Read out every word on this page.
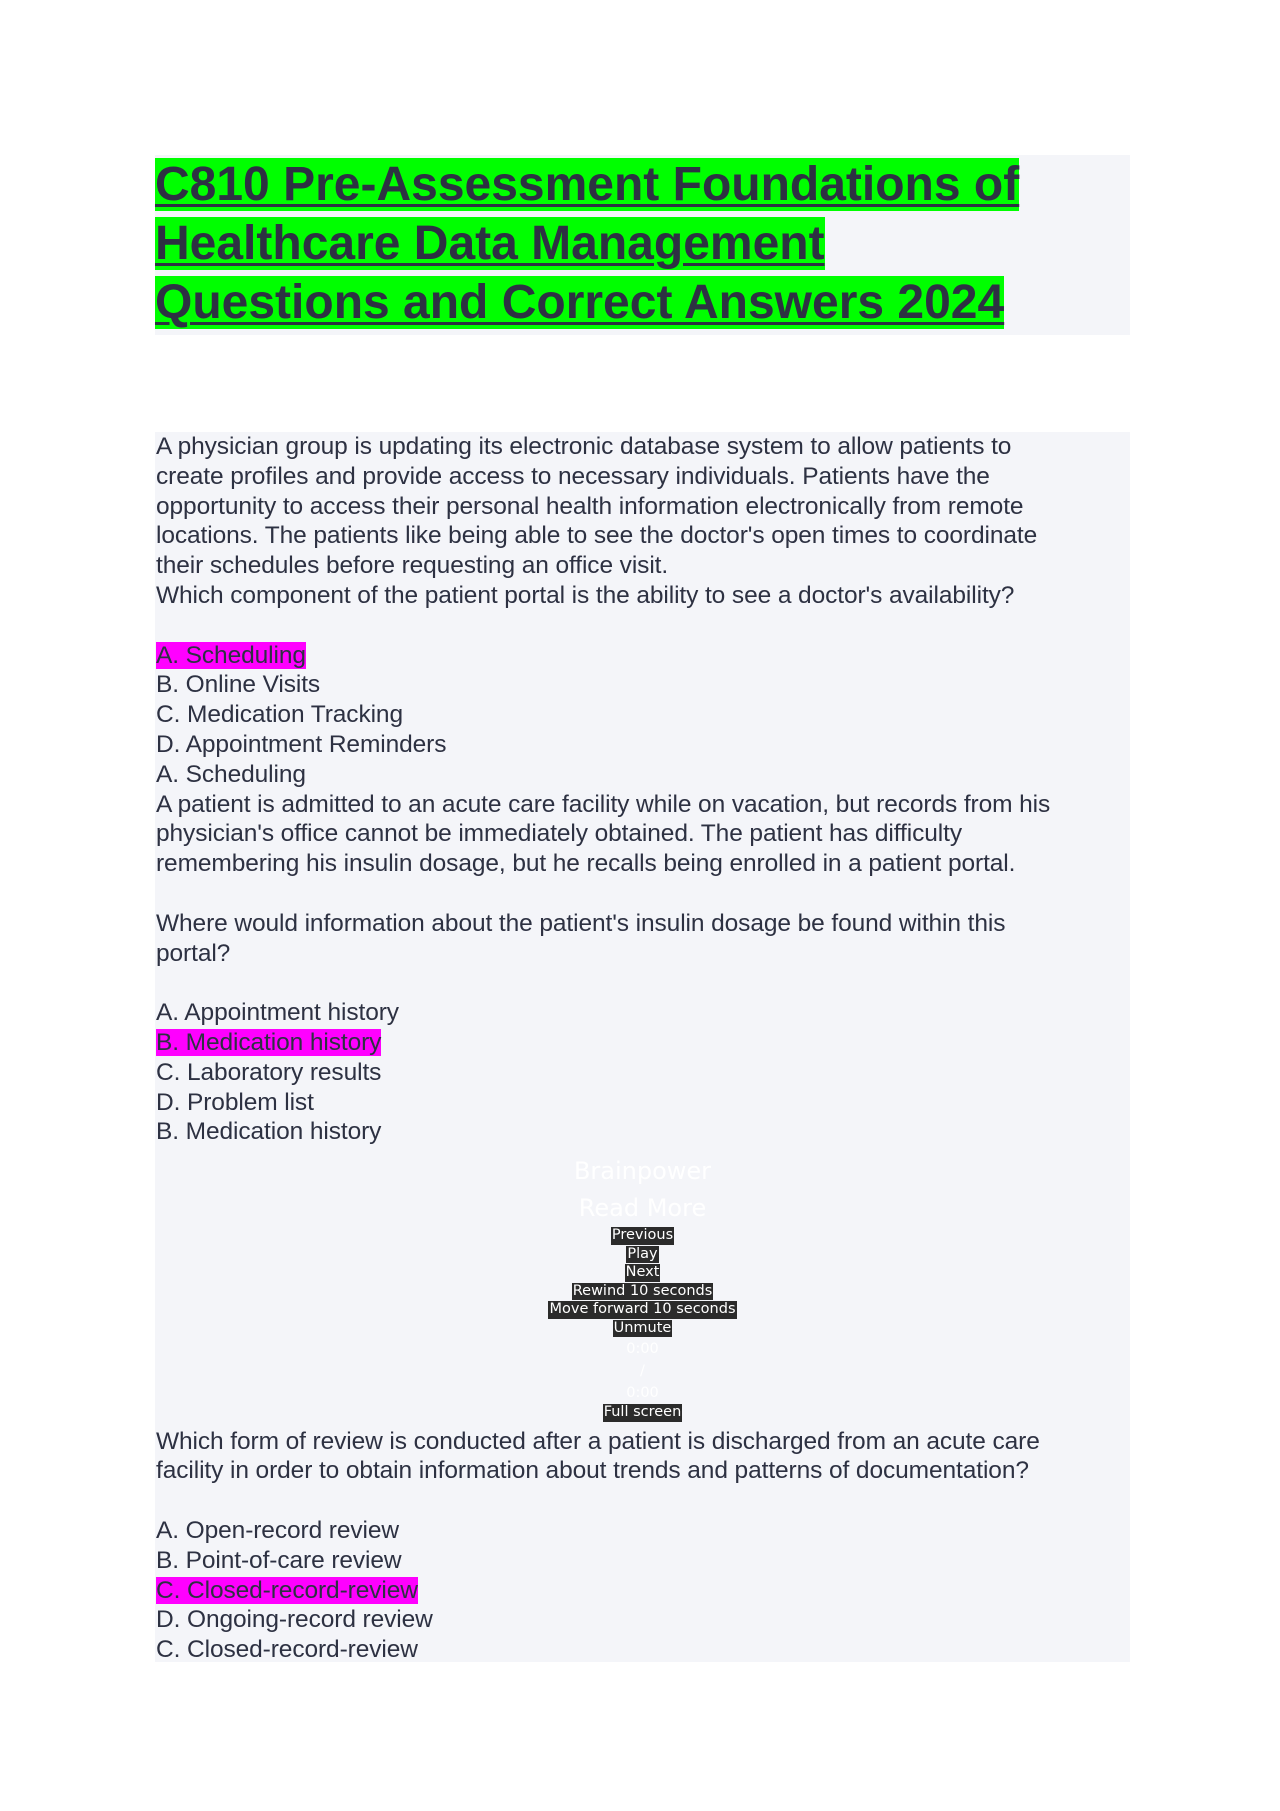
C810 Pre-Assessment Foundations of
Healthcare Data Management
Questions and Correct Answers 2024
A physician group is updating its electronic database system to allow patients to
create profiles and provide access to necessary individuals. Patients have the
opportunity to access their personal health information electronically from remote
locations. The patients like being able to see the doctor's open times to coordinate
their schedules before requesting an office visit.
Which component of the patient portal is the ability to see a doctor's availability?
A. Scheduling
B. Online Visits
C. Medication Tracking
D. Appointment Reminders
A. Scheduling
A patient is admitted to an acute care facility while on vacation, but records from his
physician's office cannot be immediately obtained. The patient has difficulty
remembering his insulin dosage, but he recalls being enrolled in a patient portal.
Where would information about the patient's insulin dosage be found within this
portal?
A. Appointment history
B. Medication history
C. Laboratory results
D. Problem list
B. Medication history
Brainpower
Read More
Previous
Play
Next
Rewind 10 seconds
Move forward 10 seconds
Unmute
0:00
/
0:00
Full screen
Which form of review is conducted after a patient is discharged from an acute care
facility in order to obtain information about trends and patterns of documentation?
A. Open-record review
B. Point-of-care review
C. Closed-record-review
D. Ongoing-record review
C. Closed-record-review
